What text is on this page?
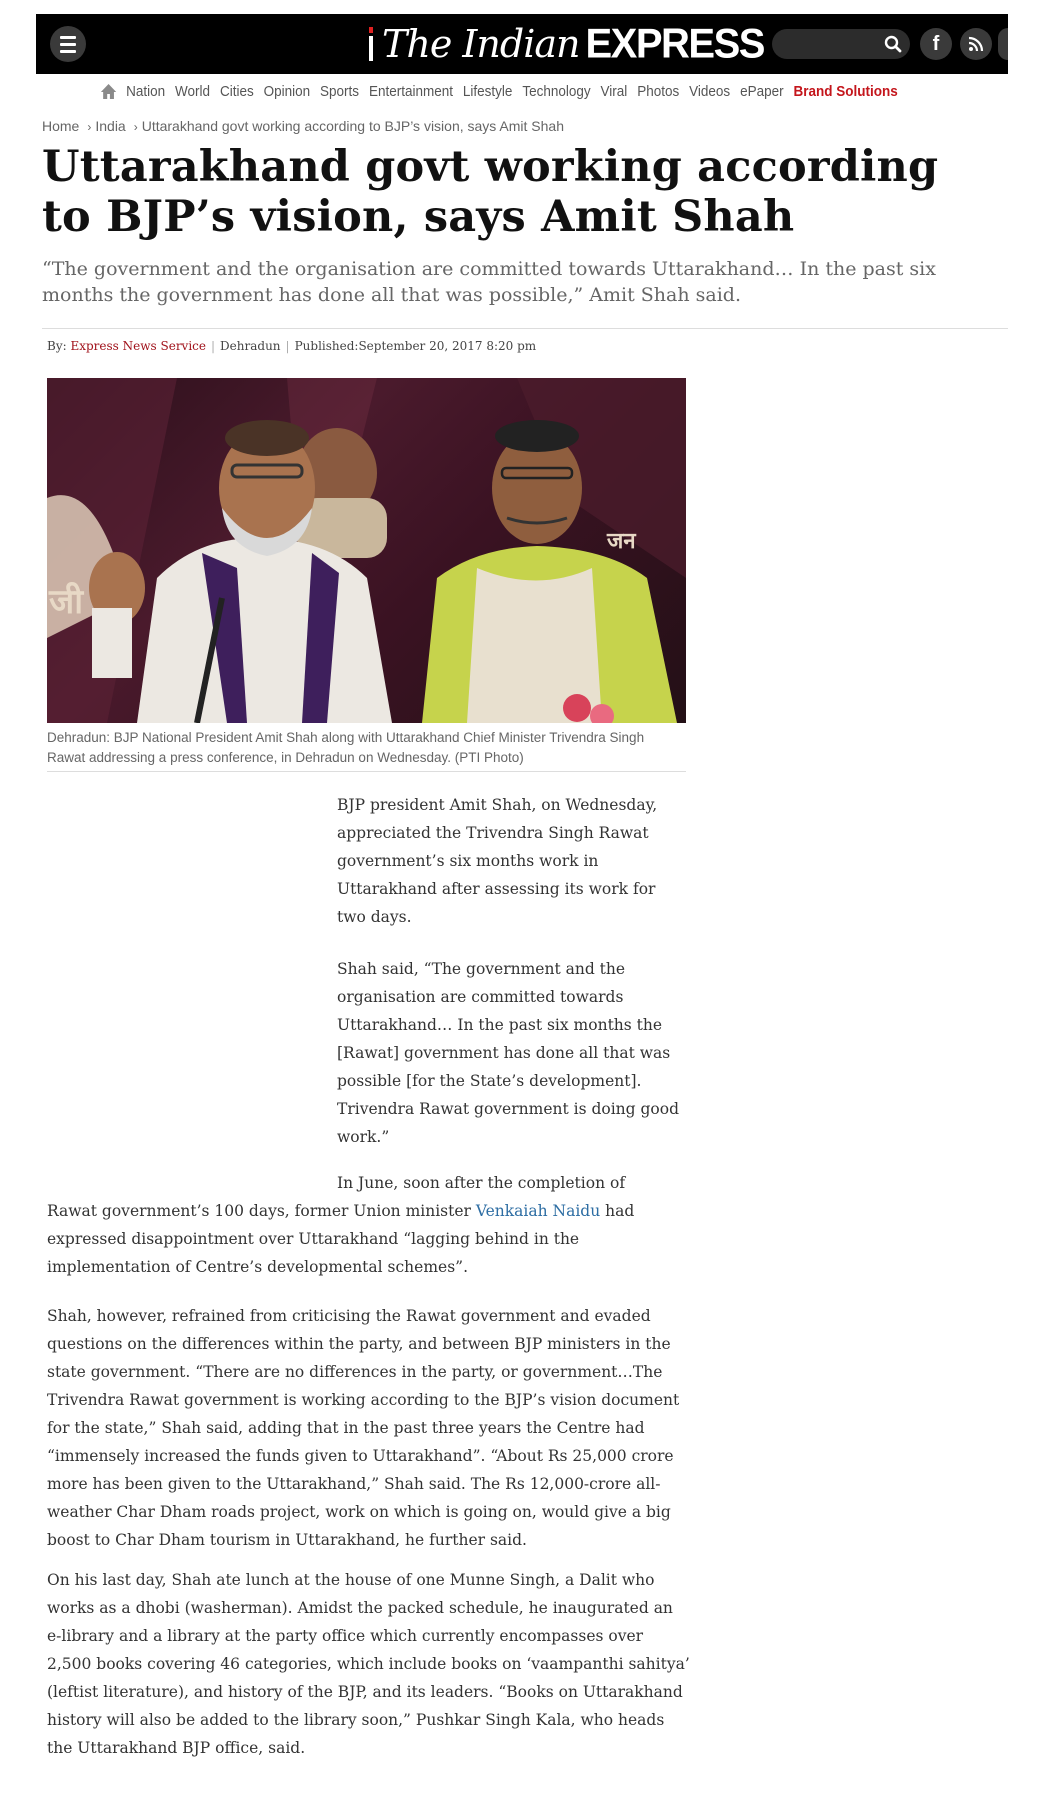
The Indian EXPRESS	f
Nation World Cities Opinion Sports Entertainment Lifestyle Technology Viral Photos Videos ePaper Brand Solutions
Home › India › Uttarakhand govt working according to BJP’s vision, says Amit Shah
Uttarakhand govt working according to BJP’s vision, says Amit Shah

“The government and the organisation are committed towards Uttarakhand… In the past six months the government has done all that was possible,” Amit Shah said.

By: Express News Service | Dehradun | Published:September 20, 2017 8:20 pm
जन
जी

Dehradun: BJP National President Amit Shah along with Uttarakhand Chief Minister Trivendra Singh Rawat addressing a press conference, in Dehradun on Wednesday. (PTI Photo)

BJP president Amit Shah, on Wednesday, appreciated the Trivendra Singh Rawat government’s six months work in Uttarakhand after assessing its work for two days.

Shah said, “The government and the organisation are committed towards Uttarakhand… In the past six months the [Rawat] government has done all that was possible [for the State’s development]. Trivendra Rawat government is doing good work.”

In June, soon after the completion of Rawat government’s 100 days, former Union minister Venkaiah Naidu had expressed disappointment over Uttarakhand “lagging behind in the implementation of Centre’s developmental schemes”.

Shah, however, refrained from criticising the Rawat government and evaded questions on the differences within the party, and between BJP ministers in the state government. “There are no differences in the party, or government…The Trivendra Rawat government is working according to the BJP’s vision document for the state,” Shah said, adding that in the past three years the Centre had “immensely increased the funds given to Uttarakhand”. “About Rs 25,000 crore more has been given to the Uttarakhand,” Shah said. The Rs 12,000-crore all-weather Char Dham roads project, work on which is going on, would give a big boost to Char Dham tourism in Uttarakhand, he further said.

On his last day, Shah ate lunch at the house of one Munne Singh, a Dalit who works as a dhobi (washerman). Amidst the packed schedule, he inaugurated an e-library and a library at the party office which currently encompasses over 2,500 books covering 46 categories, which include books on ‘vaampanthi sahitya’ (leftist literature), and history of the BJP, and its leaders. “Books on Uttarakhand history will also be added to the library soon,” Pushkar Singh Kala, who heads the Uttarakhand BJP office, said.
